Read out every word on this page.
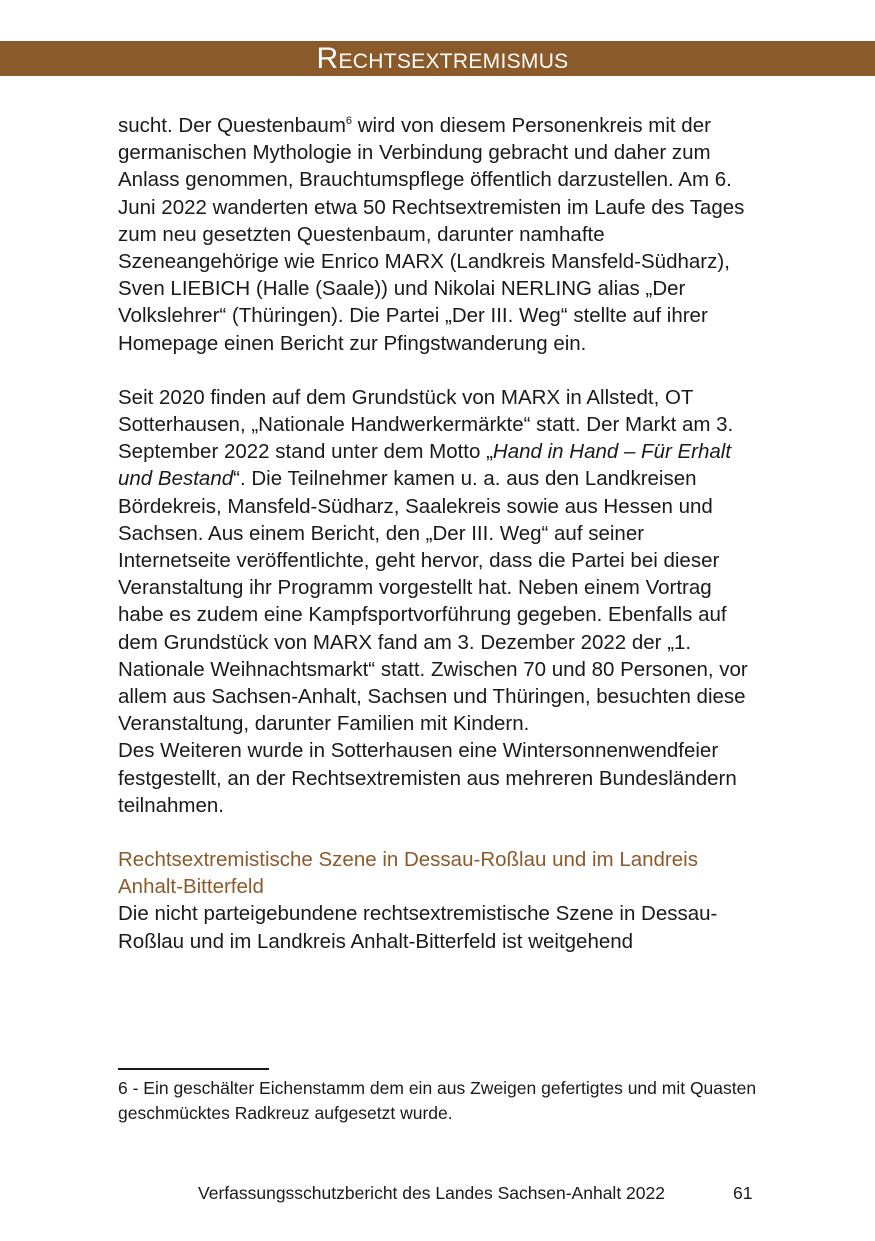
Rechtsextremismus

sucht. Der Questenbaum$^6$ wird von diesem Personenkreis mit der germanischen Mythologie in Verbindung gebracht und daher zum Anlass genommen, Brauchtumspflege öffentlich darzustellen. Am 6. Juni 2022 wanderten etwa 50 Rechtsextremisten im Laufe des Tages zum neu gesetzten Questenbaum, darunter namhafte Szeneangehörige wie Enrico MARX (Landkreis Mansfeld-Südharz), Sven LIEBICH (Halle (Saale)) und Nikolai NERLING alias „Der Volkslehrer“ (Thüringen). Die Partei „Der III. Weg“ stellte auf ihrer Homepage einen Bericht zur Pfingstwanderung ein.

Seit 2020 finden auf dem Grundstück von MARX in Allstedt, OT Sotterhausen, „Nationale Handwerkermärkte“ statt. Der Markt am 3. September 2022 stand unter dem Motto „Hand in Hand – Für Erhalt und Bestand“. Die Teilnehmer kamen u. a. aus den Landkreisen Bördekreis, Mansfeld-Südharz, Saalekreis sowie aus Hessen und Sachsen. Aus einem Bericht, den „Der III. Weg“ auf seiner Internetseite veröffentlichte, geht hervor, dass die Partei bei dieser Veranstaltung ihr Programm vorgestellt hat. Neben einem Vortrag habe es zudem eine Kampfsportvorführung gegeben. Ebenfalls auf dem Grundstück von MARX fand am 3. Dezember 2022 der „1. Nationale Weihnachtsmarkt“ statt. Zwischen 70 und 80 Personen, vor allem aus Sachsen-Anhalt, Sachsen und Thüringen, besuchten diese Veranstaltung, darunter Familien mit Kindern.

Des Weiteren wurde in Sotterhausen eine Wintersonnenwendfeier festgestellt, an der Rechtsextremisten aus mehreren Bundesländern teilnahmen.

Rechtsextremistische Szene in Dessau-Roßlau und im Landreis Anhalt-Bitterfeld

Die nicht parteigebundene rechtsextremistische Szene in Dessau-Roßlau und im Landkreis Anhalt-Bitterfeld ist weitgehend

6 - Ein geschälter Eichenstamm dem ein aus Zweigen gefertigtes und mit Quasten geschmücktes Radkreuz aufgesetzt wurde.
Verfassungsschutzbericht des Landes Sachsen-Anhalt 2022	61
